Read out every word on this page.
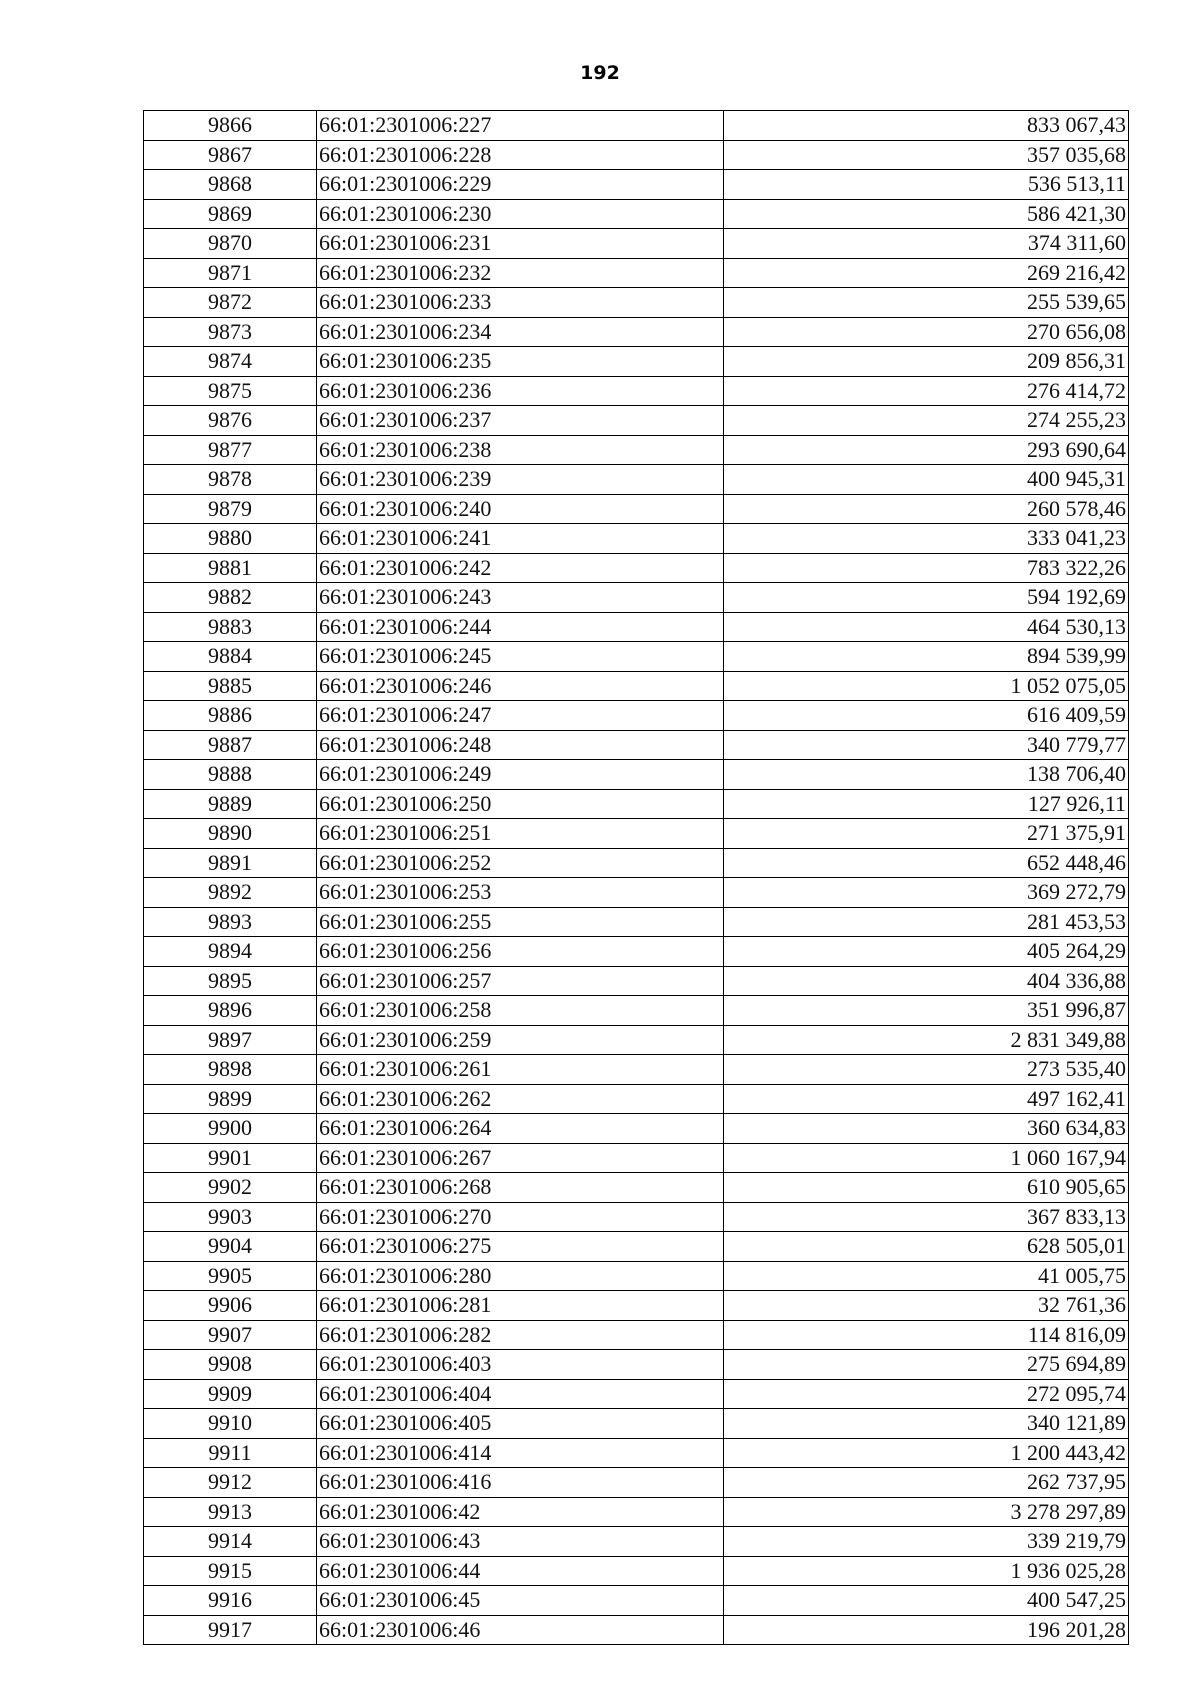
192
9866	66:01:2301006:227	833 067,43
9867	66:01:2301006:228	357 035,68
9868	66:01:2301006:229	536 513,11
9869	66:01:2301006:230	586 421,30
9870	66:01:2301006:231	374 311,60
9871	66:01:2301006:232	269 216,42
9872	66:01:2301006:233	255 539,65
9873	66:01:2301006:234	270 656,08
9874	66:01:2301006:235	209 856,31
9875	66:01:2301006:236	276 414,72
9876	66:01:2301006:237	274 255,23
9877	66:01:2301006:238	293 690,64
9878	66:01:2301006:239	400 945,31
9879	66:01:2301006:240	260 578,46
9880	66:01:2301006:241	333 041,23
9881	66:01:2301006:242	783 322,26
9882	66:01:2301006:243	594 192,69
9883	66:01:2301006:244	464 530,13
9884	66:01:2301006:245	894 539,99
9885	66:01:2301006:246	1 052 075,05
9886	66:01:2301006:247	616 409,59
9887	66:01:2301006:248	340 779,77
9888	66:01:2301006:249	138 706,40
9889	66:01:2301006:250	127 926,11
9890	66:01:2301006:251	271 375,91
9891	66:01:2301006:252	652 448,46
9892	66:01:2301006:253	369 272,79
9893	66:01:2301006:255	281 453,53
9894	66:01:2301006:256	405 264,29
9895	66:01:2301006:257	404 336,88
9896	66:01:2301006:258	351 996,87
9897	66:01:2301006:259	2 831 349,88
9898	66:01:2301006:261	273 535,40
9899	66:01:2301006:262	497 162,41
9900	66:01:2301006:264	360 634,83
9901	66:01:2301006:267	1 060 167,94
9902	66:01:2301006:268	610 905,65
9903	66:01:2301006:270	367 833,13
9904	66:01:2301006:275	628 505,01
9905	66:01:2301006:280	41 005,75
9906	66:01:2301006:281	32 761,36
9907	66:01:2301006:282	114 816,09
9908	66:01:2301006:403	275 694,89
9909	66:01:2301006:404	272 095,74
9910	66:01:2301006:405	340 121,89
9911	66:01:2301006:414	1 200 443,42
9912	66:01:2301006:416	262 737,95
9913	66:01:2301006:42	3 278 297,89
9914	66:01:2301006:43	339 219,79
9915	66:01:2301006:44	1 936 025,28
9916	66:01:2301006:45	400 547,25
9917	66:01:2301006:46	196 201,28
